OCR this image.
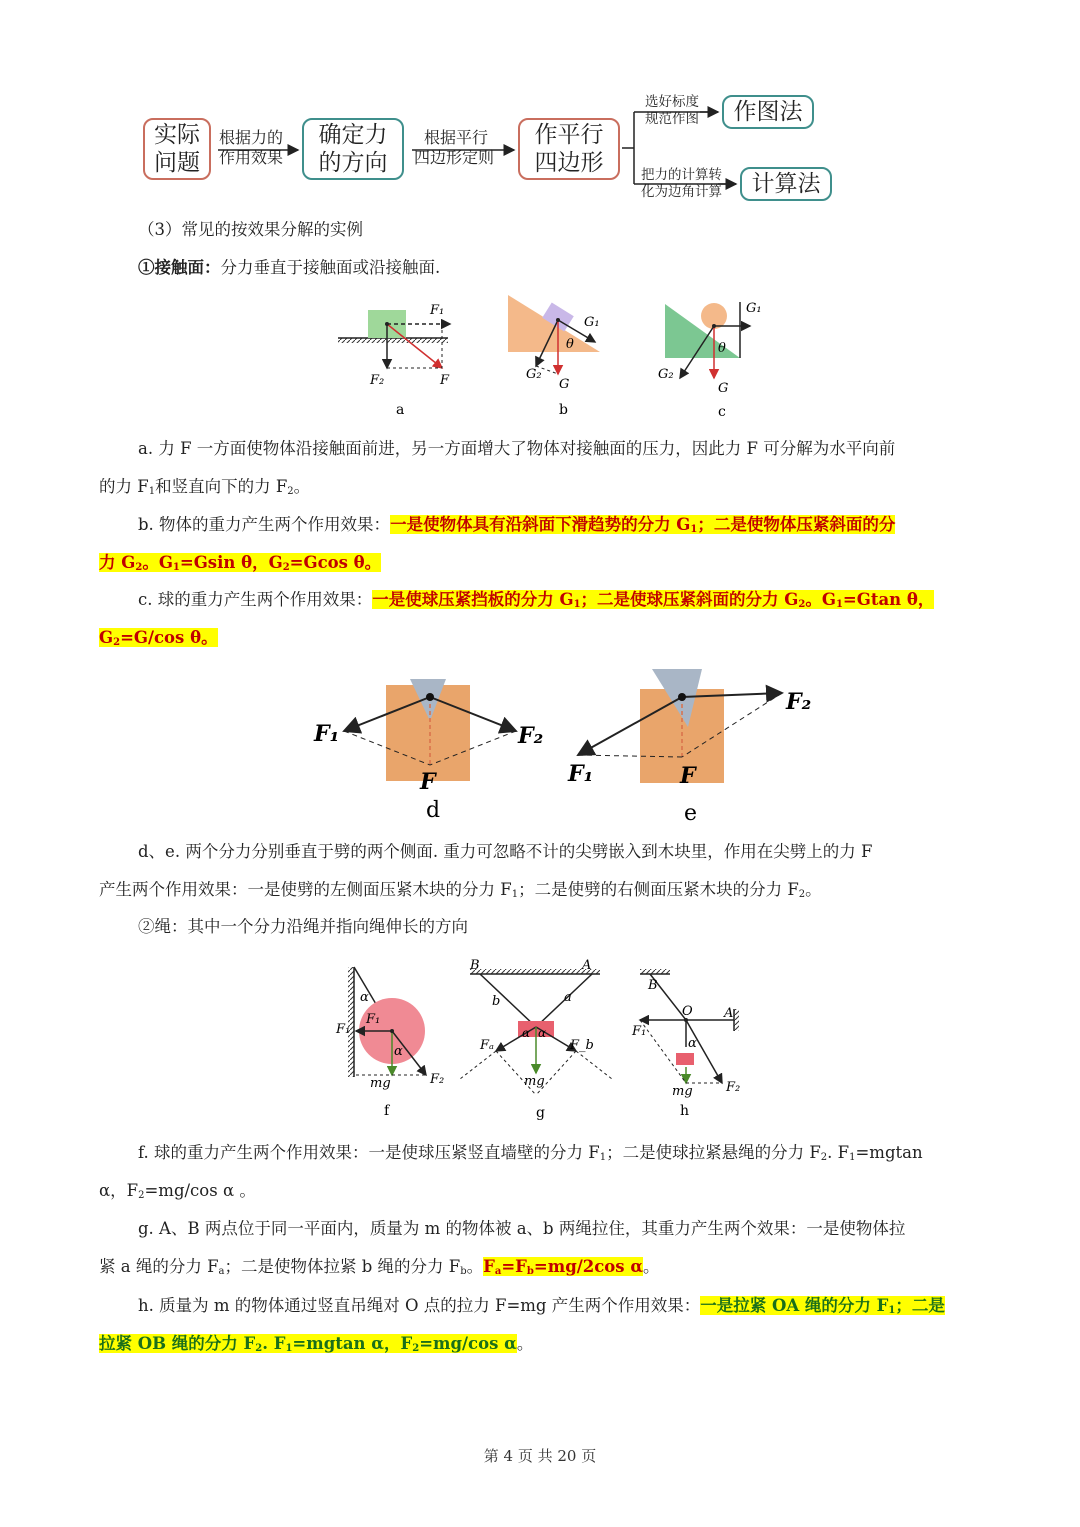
实际
问题
根据力的
作用效果
确定力
的方向
根据平行
四边形定则
作平行
四边形
选好标度
规范作图 作图法
把力的计算转
化为边角计算 计算法
（3）常见的按效果分解的实例
①接触面：分力垂直于接触面或沿接触面.
F₁
F₂	F
a
G₁
θ
G₂
G
b
G₁
θ
G₂
G
c
a. 力 F 一方面使物体沿接触面前进，另一方面增大了物体对接触面的压力，因此力 F 可分解为水平向前
的力 $F_1$和竖直向下的力 $F_2$。
b. 物体的重力产生两个作用效果：一是使物体具有沿斜面下滑趋势的分力 $G_1$；二是使物体压紧斜面的分
力 $G_2$。$G_1=Gsin$ θ，$G_2=Gcos$ θ。
c. 球的重力产生两个作用效果：一是使球压紧挡板的分力 $G_1$；二是使球压紧斜面的分力 $G_2$。$G_1=Gtan$ θ，
$G_2=G/\cos$ θ。
F₁	F₂
F
d
F₂
F₁	F
e
d、e. 两个分力分别垂直于劈的两个侧面. 重力可忽略不计的尖劈嵌入到木块里，作用在尖劈上的力 F
产生两个作用效果：一是使劈的左侧面压紧木块的分力 $F_1$；二是使劈的右侧面压紧木块的分力 $F_2$。
②绳：其中一个分力沿绳并指向绳伸长的方向
α
F₁
F₁
α
mg	F₂
f
B	A
b	a
α α
Fₐ	F_b
mg
g
B
O A
F₁
α
mg	F₂
h
f. 球的重力产生两个作用效果：一是使球压紧竖直墙壁的分力 $F_1$；二是使球拉紧悬绳的分力 $F_2$. $F_1=mgtan$
α，$F_2=mg/\cos$ α 。
g. A、B 两点位于同一平面内，质量为 m 的物体被 a、b 两绳拉住，其重力产生两个效果：一是使物体拉
紧 a 绳的分力 $F_a$；二是使物体拉紧 b 绳的分力 $F_b$。$F_a=F_b=mg/2\cos$ α。
h. 质量为 m 的物体通过竖直吊绳对 O 点的拉力 F=mg 产生两个作用效果：一是拉紧 OA 绳的分力 $F_1$；二是
拉紧 OB 绳的分力 $F_2$. $F_1=mgtan$ α，$F_2=mg/\cos$ α。
第 4 页 共 20 页
